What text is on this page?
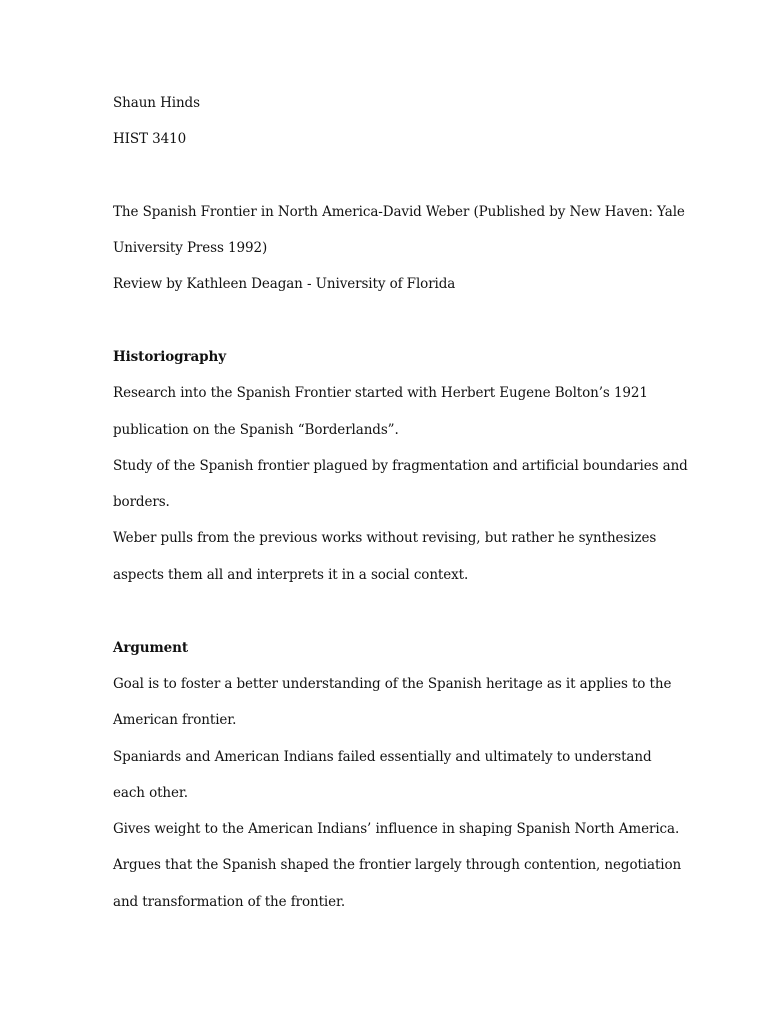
Shaun Hinds
HIST 3410
The Spanish Frontier in North America-David Weber (Published by New Haven: Yale
University Press 1992)
Review by Kathleen Deagan - University of Florida
Historiography
Research into the Spanish Frontier started with Herbert Eugene Bolton’s 1921
publication on the Spanish “Borderlands”.
Study of the Spanish frontier plagued by fragmentation and artificial boundaries and
borders.
Weber pulls from the previous works without revising, but rather he synthesizes
aspects them all and interprets it in a social context.
Argument
Goal is to foster a better understanding of the Spanish heritage as it applies to the
American frontier.
Spaniards and American Indians failed essentially and ultimately to understand
each other.
Gives weight to the American Indians’ influence in shaping Spanish North America.
Argues that the Spanish shaped the frontier largely through contention, negotiation
and transformation of the frontier.
